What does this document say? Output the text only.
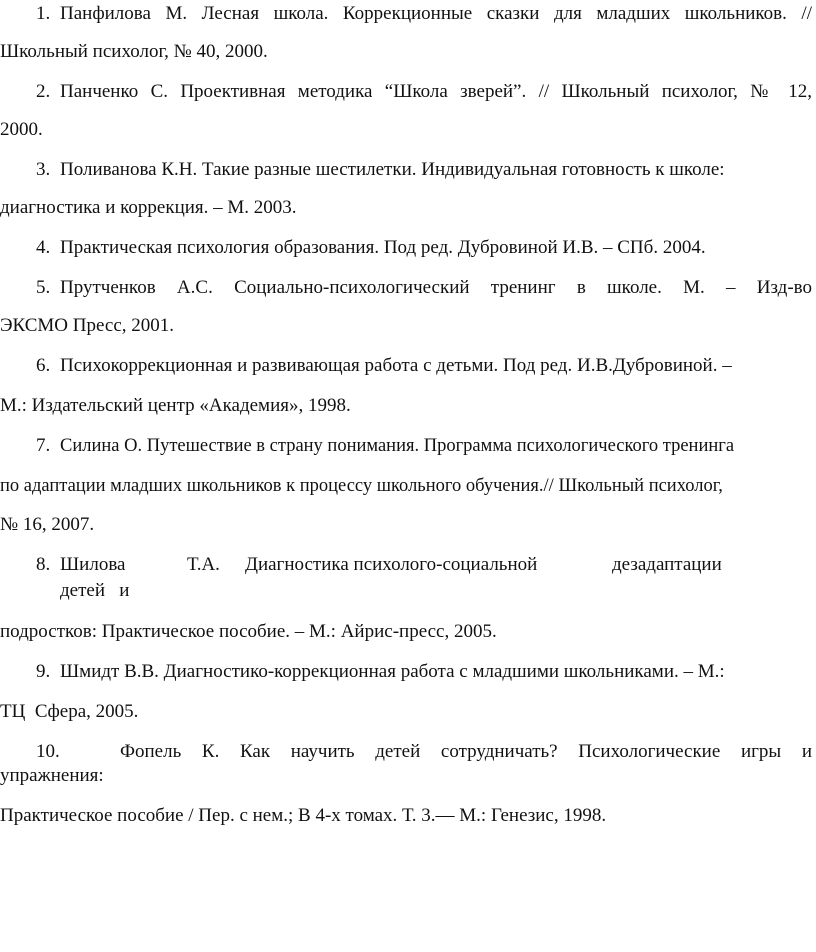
1. Панфилова М. Лесная школа. Коррекционные сказки для младших школьников. //
Школьный психолог, № 40, 2000.
2. Панченко С. Проективная методика “Школа зверей”. // Школьный психолог, № 12,
2000.
3. Поливанова К.Н. Такие разные шестилетки. Индивидуальная готовность к школе:
диагностика и коррекция. – М. 2003.
4. Практическая психология образования. Под ред. Дубровиной И.В. – СПб. 2004.
5. Прутченков А.С. Социально-психологический тренинг в школе. М. – Изд-во
ЭКСМО Пресс, 2001.
6. Психокоррекционная и развивающая работа с детьми. Под ред. И.В.Дубровиной. –
М.: Издательский центр «Академия», 1998.
7. Силина О. Путешествие в страну понимания. Программа психологического тренинга
по адаптации младших школьников к процессу школьного обучения.// Школьный психолог,
№ 16, 2007.
8. Шилова	Т.А. Диагностика психолого-социальной	дезадаптации
детей   и
подростков: Практическое пособие. – М.: Айрис-пресс, 2005.
9. Шмидт В.В. Диагностико-коррекционная работа с младшими школьниками. – М.:
ТЦ  Сфера, 2005.
10.	Фопель К. Как научить детей сотрудничать? Психологические игры и
упражнения:
Практическое пособие / Пер. с нем.; В 4-х томах. Т. 3.— М.: Генезис, 1998.
